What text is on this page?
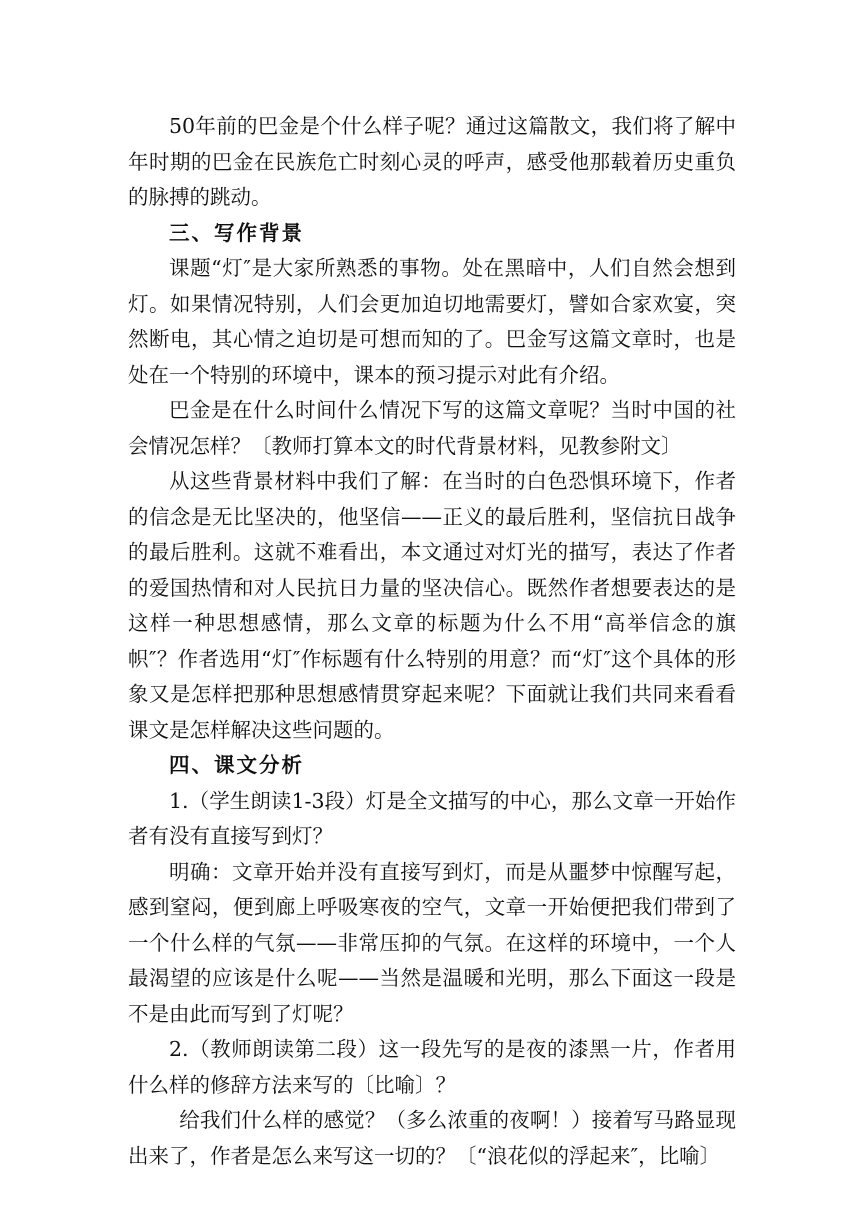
50年前的巴金是个什么样子呢？通过这篇散文，我们将了解中年时期的巴金在民族危亡时刻心灵的呼声，感受他那载着历史重负的脉搏的跳动。

三、写作背景

课题“灯″是大家所熟悉的事物。处在黑暗中，人们自然会想到灯。如果情况特别，人们会更加迫切地需要灯，譬如合家欢宴，突然断电，其心情之迫切是可想而知的了。巴金写这篇文章时，也是处在一个特别的环境中，课本的预习提示对此有介绍。

巴金是在什么时间什么情况下写的这篇文章呢？当时中国的社会情况怎样？〔教师打算本文的时代背景材料，见教参附文〕

从这些背景材料中我们了解：在当时的白色恐惧环境下，作者的信念是无比坚决的，他坚信——正义的最后胜利，坚信抗日战争的最后胜利。这就不难看出，本文通过对灯光的描写，表达了作者的爱国热情和对人民抗日力量的坚决信心。既然作者想要表达的是这样一种思想感情，那么文章的标题为什么不用“高举信念的旗帜″？作者选用“灯″作标题有什么特别的用意？而“灯″这个具体的形象又是怎样把那种思想感情贯穿起来呢？下面就让我们共同来看看课文是怎样解决这些问题的。

四、课文分析

1.（学生朗读1-3段）灯是全文描写的中心，那么文章一开始作者有没有直接写到灯？

明确：文章开始并没有直接写到灯，而是从噩梦中惊醒写起，感到窒闷，便到廊上呼吸寒夜的空气，文章一开始便把我们带到了一个什么样的气氛——非常压抑的气氛。在这样的环境中，一个人最渴望的应该是什么呢——当然是温暖和光明，那么下面这一段是不是由此而写到了灯呢？

2.（教师朗读第二段）这一段先写的是夜的漆黑一片，作者用什么样的修辞方法来写的〔比喻〕？

给我们什么样的感觉？（多么浓重的夜啊！）接着写马路显现出来了，作者是怎么来写这一切的？〔“浪花似的浮起来″，比喻〕
